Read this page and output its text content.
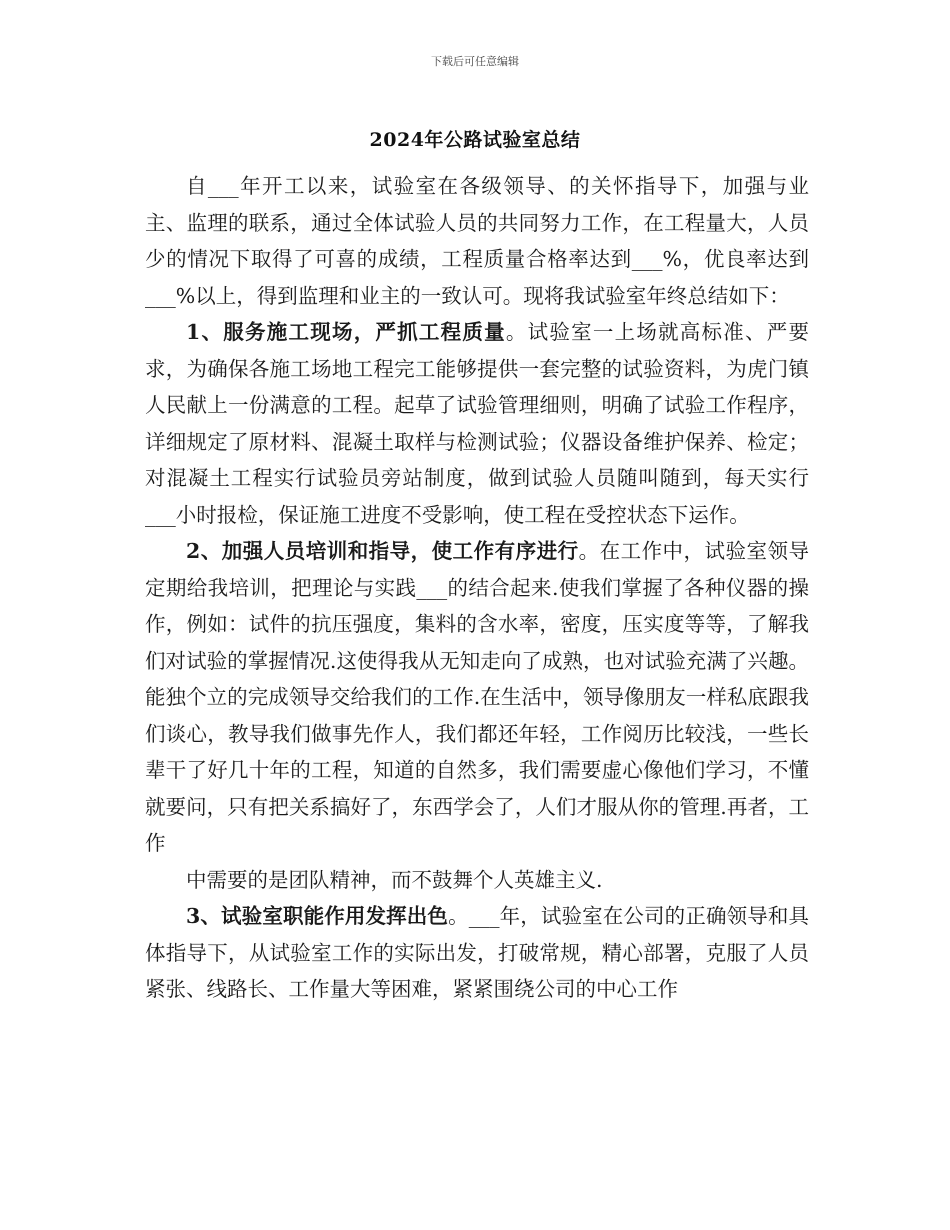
下载后可任意编辑
2024年公路试验室总结

自___年开工以来，试验室在各级领导、的关怀指导下，加强与业主、监理的联系，通过全体试验人员的共同努力工作，在工程量大，人员少的情况下取得了可喜的成绩，工程质量合格率达到___%，优良率达到___%以上，得到监理和业主的一致认可。现将我试验室年终总结如下：

1、服务施工现场，严抓工程质量。试验室一上场就高标准、严要求，为确保各施工场地工程完工能够提供一套完整的试验资料，为虎门镇人民献上一份满意的工程。起草了试验管理细则，明确了试验工作程序，详细规定了原材料、混凝土取样与检测试验；仪器设备维护保养、检定；对混凝土工程实行试验员旁站制度，做到试验人员随叫随到，每天实行___小时报检，保证施工进度不受影响，使工程在受控状态下运作。

2、加强人员培训和指导，使工作有序进行。在工作中，试验室领导定期给我培训，把理论与实践___的结合起来.使我们掌握了各种仪器的操作，例如：试件的抗压强度，集料的含水率，密度，压实度等等，了解我们对试验的掌握情况.这使得我从无知走向了成熟，也对试验充满了兴趣。能独个立的完成领导交给我们的工作.在生活中，领导像朋友一样私底跟我们谈心，教导我们做事先作人，我们都还年轻，工作阅历比较浅，一些长辈干了好几十年的工程，知道的自然多，我们需要虚心像他们学习，不懂就要问，只有把关系搞好了，东西学会了，人们才服从你的管理.再者，工作

中需要的是团队精神，而不鼓舞个人英雄主义.

3、试验室职能作用发挥出色。___年，试验室在公司的正确领导和具体指导下，从试验室工作的实际出发，打破常规，精心部署，克服了人员紧张、线路长、工作量大等困难，紧紧围绕公司的中心工作
